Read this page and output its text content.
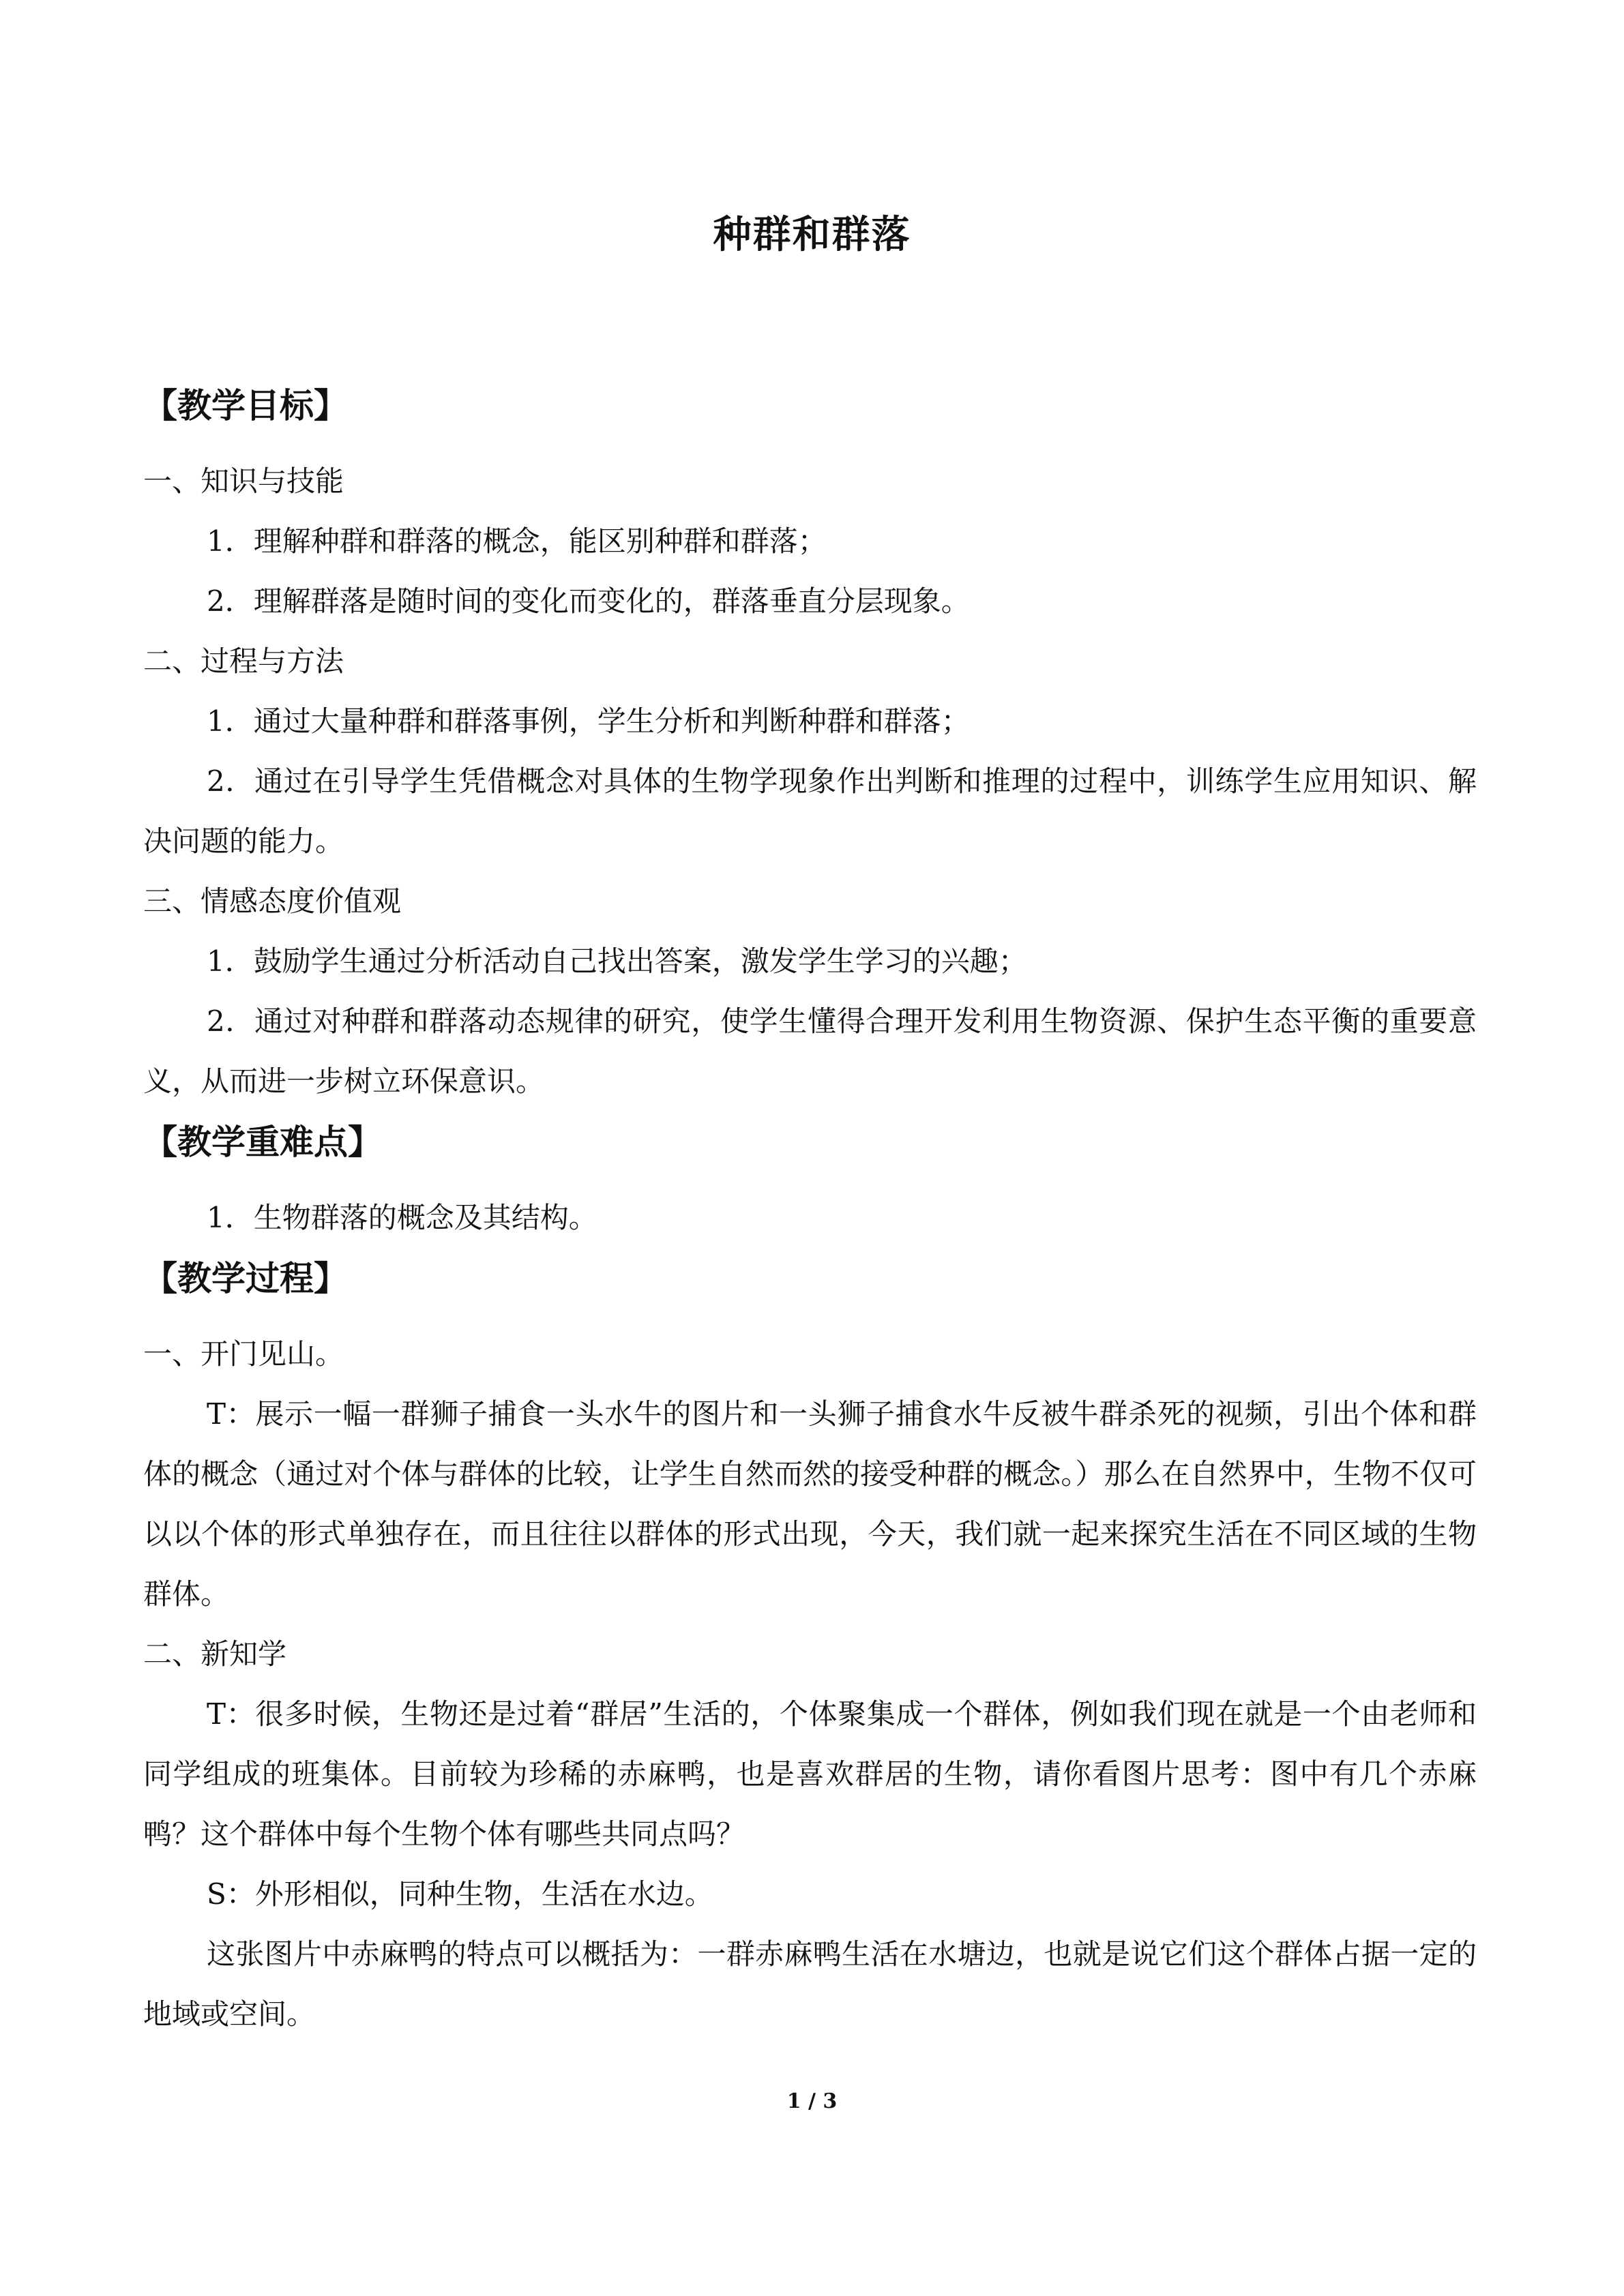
种群和群落

【教学目标】

一、知识与技能

1．理解种群和群落的概念，能区别种群和群落；

2．理解群落是随时间的变化而变化的，群落垂直分层现象。

二、过程与方法

1．通过大量种群和群落事例，学生分析和判断种群和群落；

2．通过在引导学生凭借概念对具体的生物学现象作出判断和推理的过程中，训练学生应用知识、解决问题的能力。

三、情感态度价值观

1．鼓励学生通过分析活动自己找出答案，激发学生学习的兴趣；

2．通过对种群和群落动态规律的研究，使学生懂得合理开发利用生物资源、保护生态平衡的重要意义，从而进一步树立环保意识。

【教学重难点】

1．生物群落的概念及其结构。

【教学过程】

一、开门见山。

T：展示一幅一群狮子捕食一头水牛的图片和一头狮子捕食水牛反被牛群杀死的视频，引出个体和群体的概念（通过对个体与群体的比较，让学生自然而然的接受种群的概念。）那么在自然界中，生物不仅可以以个体的形式单独存在，而且往往以群体的形式出现，今天，我们就一起来探究生活在不同区域的生物群体。

二、新知学

T：很多时候，生物还是过着“群居”生活的，个体聚集成一个群体，例如我们现在就是一个由老师和同学组成的班集体。目前较为珍稀的赤麻鸭，也是喜欢群居的生物，请你看图片思考：图中有几个赤麻鸭？这个群体中每个生物个体有哪些共同点吗？

S：外形相似，同种生物，生活在水边。

这张图片中赤麻鸭的特点可以概括为：一群赤麻鸭生活在水塘边，也就是说它们这个群体占据一定的地域或空间。

1 / 3
